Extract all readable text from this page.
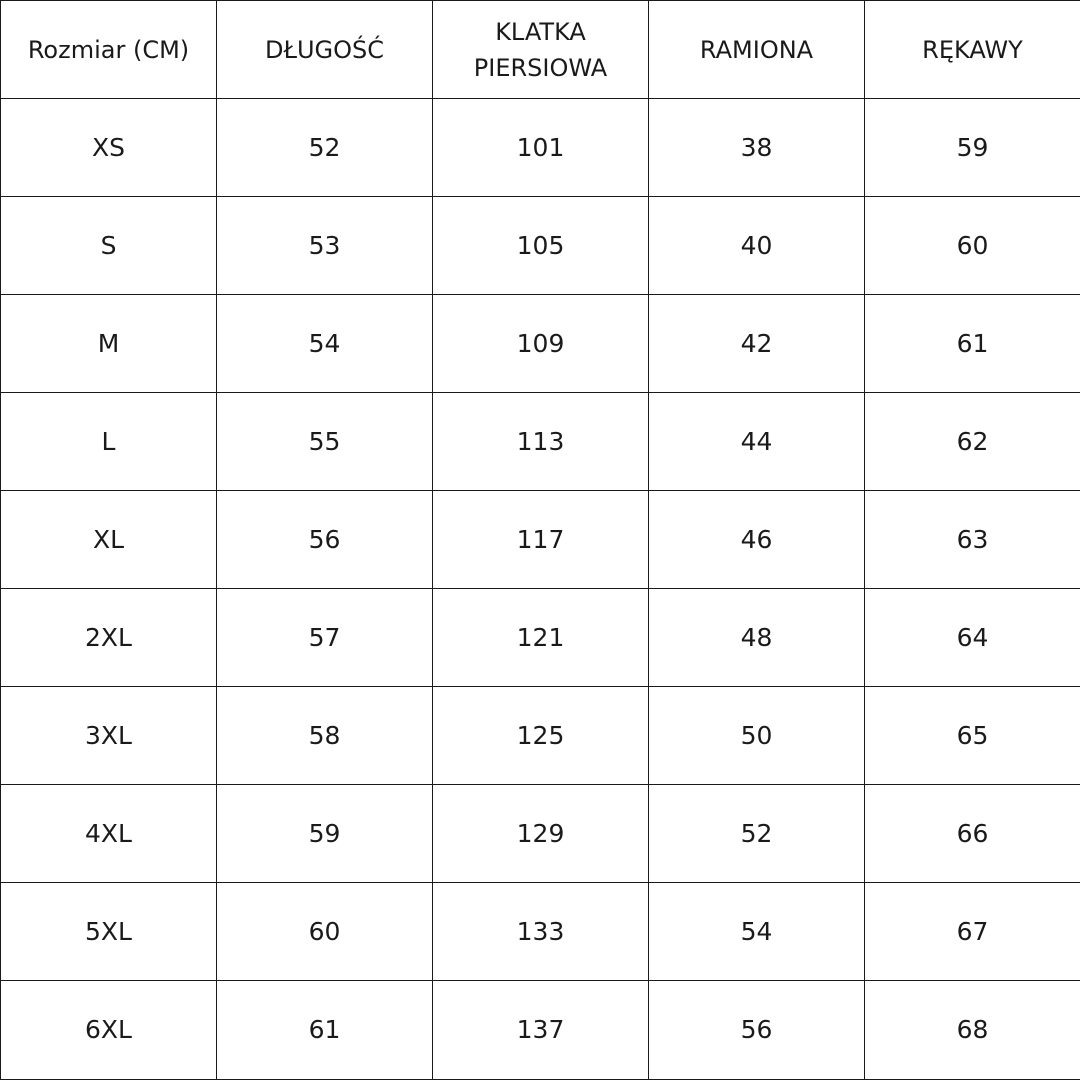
Rozmiar (CM)	DŁUGOŚĆ	KLATKA PIERSIOWA	RAMIONA	RĘKAWY
XS	52	101	38	59
S	53	105	40	60
M	54	109	42	61
L	55	113	44	62
XL	56	117	46	63
2XL	57	121	48	64
3XL	58	125	50	65
4XL	59	129	52	66
5XL	60	133	54	67
6XL	61	137	56	68
